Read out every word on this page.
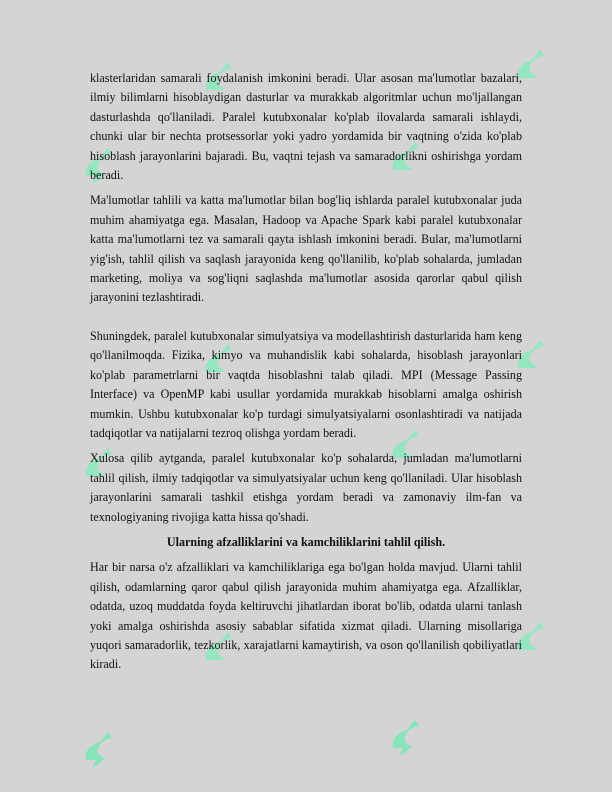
klasterlaridan samarali foydalanish imkonini beradi. Ular asosan ma'lumotlar bazalari, ilmiy bilimlarni hisoblaydigan dasturlar va murakkab algoritmlar uchun mo'ljallangan dasturlashda qo'llaniladi. Paralel kutubxonalar ko'plab ilovalarda samarali ishlaydi, chunki ular bir nechta protsessorlar yoki yadro yordamida bir vaqtning o'zida ko'plab hisoblash jarayonlarini bajaradi. Bu, vaqtni tejash va samaradorlikni oshirishga yordam beradi.

Ma'lumotlar tahlili va katta ma'lumotlar bilan bog'liq ishlarda paralel kutubxonalar juda muhim ahamiyatga ega. Masalan, Hadoop va Apache Spark kabi paralel kutubxonalar katta ma'lumotlarni tez va samarali qayta ishlash imkonini beradi. Bular, ma'lumotlarni yig'ish, tahlil qilish va saqlash jarayonida keng qo'llanilib, ko'plab sohalarda, jumladan marketing, moliya va sog'liqni saqlashda ma'lumotlar asosida qarorlar qabul qilish jarayonini tezlashtiradi.

Shuningdek, paralel kutubxonalar simulyatsiya va modellashtirish dasturlarida ham keng qo'llanilmoqda. Fizika, kimyo va muhandislik kabi sohalarda, hisoblash jarayonlari ko'plab parametrlarni bir vaqtda hisoblashni talab qiladi. MPI (Message Passing Interface) va OpenMP kabi usullar yordamida murakkab hisoblarni amalga oshirish mumkin. Ushbu kutubxonalar ko'p turdagi simulyatsiyalarni osonlashtiradi va natijada tadqiqotlar va natijalarni tezroq olishga yordam beradi.

Xulosa qilib aytganda, paralel kutubxonalar ko'p sohalarda, jumladan ma'lumotlarni tahlil qilish, ilmiy tadqiqotlar va simulyatsiyalar uchun keng qo'llaniladi. Ular hisoblash jarayonlarini samarali tashkil etishga yordam beradi va zamonaviy ilm-fan va texnologiyaning rivojiga katta hissa qo'shadi.

Ularning afzalliklarini va kamchiliklarini tahlil qilish.

Har bir narsa o'z afzalliklari va kamchiliklariga ega bo'lgan holda mavjud. Ularni tahlil qilish, odamlarning qaror qabul qilish jarayonida muhim ahamiyatga ega. Afzalliklar, odatda, uzoq muddatda foyda keltiruvchi jihatlardan iborat bo'lib, odatda ularni tanlash yoki amalga oshirishda asosiy sabablar sifatida xizmat qiladi. Ularning misollariga yuqori samaradorlik, tezkorlik, xarajatlarni kamaytirish, va oson qo'llanilish qobiliyatlari kiradi.
